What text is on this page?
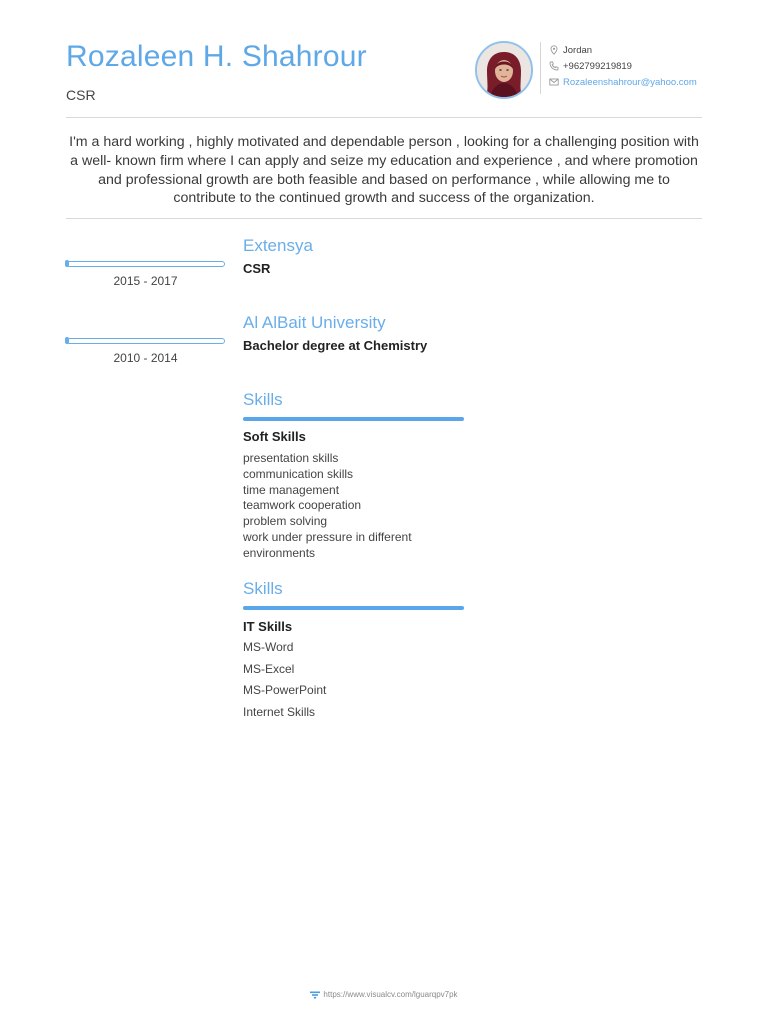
Rozaleen H. Shahrour
CSR
Jordan
+962799219819
Rozaleenshahrour@yahoo.com
I'm a hard working , highly motivated and dependable person , looking for a challenging position with a well- known firm where I can apply and seize my education and experience , and where promotion and professional growth are both feasible and based on performance , while allowing me to contribute to the continued growth and success of the organization.
2015 - 2017
Extensya
CSR
2010 - 2014
Al AlBait University
Bachelor degree at Chemistry
Skills
Soft Skills
presentation skills
communication skills
time management
teamwork cooperation
problem solving
work under pressure in different
environments
Skills
IT Skills
MS-Word
MS-Excel
MS-PowerPoint
Internet Skills
https://www.visualcv.com/lguarqpv7pk
